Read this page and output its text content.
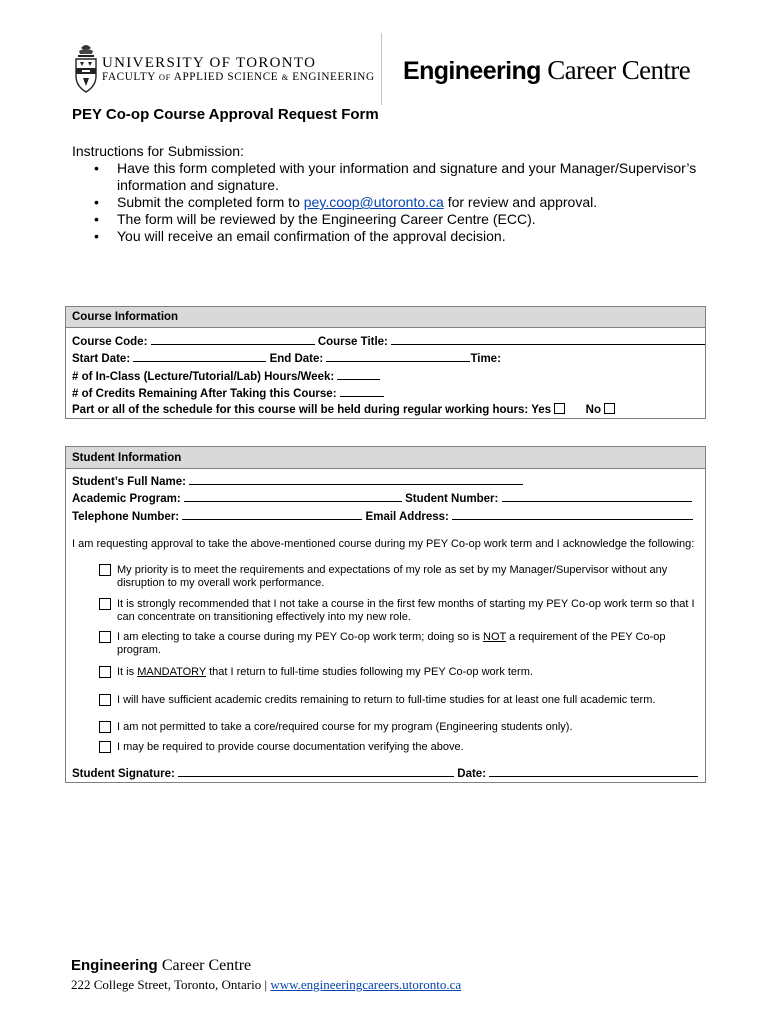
UNIVERSITY OF TORONTO
FACULTY OF APPLIED SCIENCE & ENGINEERING Engineering Career Centre
PEY Co-op Course Approval Request Form
Instructions for Submission:
• Have this form completed with your information and signature and your Manager/Supervisor’s information and signature.
• Submit the completed form to pey.coop@utoronto.ca for review and approval.
• The form will be reviewed by the Engineering Career Centre (ECC).
• You will receive an email confirmation of the approval decision.
Course Information
Course Code:	Course Title:
Start Date:	End Date:	Time:
# of In-Class (Lecture/Tutorial/Lab) Hours/Week:
# of Credits Remaining After Taking this Course:
Part or all of the schedule for this course will be held during regular working hours: Yes	No
Student Information
Student’s Full Name:
Academic Program:	Student Number:
Telephone Number:	Email Address:
I am requesting approval to take the above-mentioned course during my PEY Co-op work term and I acknowledge the following:
My priority is to meet the requirements and expectations of my role as set by my Manager/Supervisor without any disruption to my overall work performance.
It is strongly recommended that I not take a course in the first few months of starting my PEY Co-op work term so that I can concentrate on transitioning effectively into my new role.
I am electing to take a course during my PEY Co-op work term; doing so is NOT a requirement of the PEY Co-op program.
It is MANDATORY that I return to full-time studies following my PEY Co-op work term.
I will have sufficient academic credits remaining to return to full-time studies for at least one full academic term.
I am not permitted to take a core/required course for my program (Engineering students only).
I may be required to provide course documentation verifying the above.
Student Signature:	Date:
Engineering Career Centre
222 College Street, Toronto, Ontario | www.engineeringcareers.utoronto.ca
